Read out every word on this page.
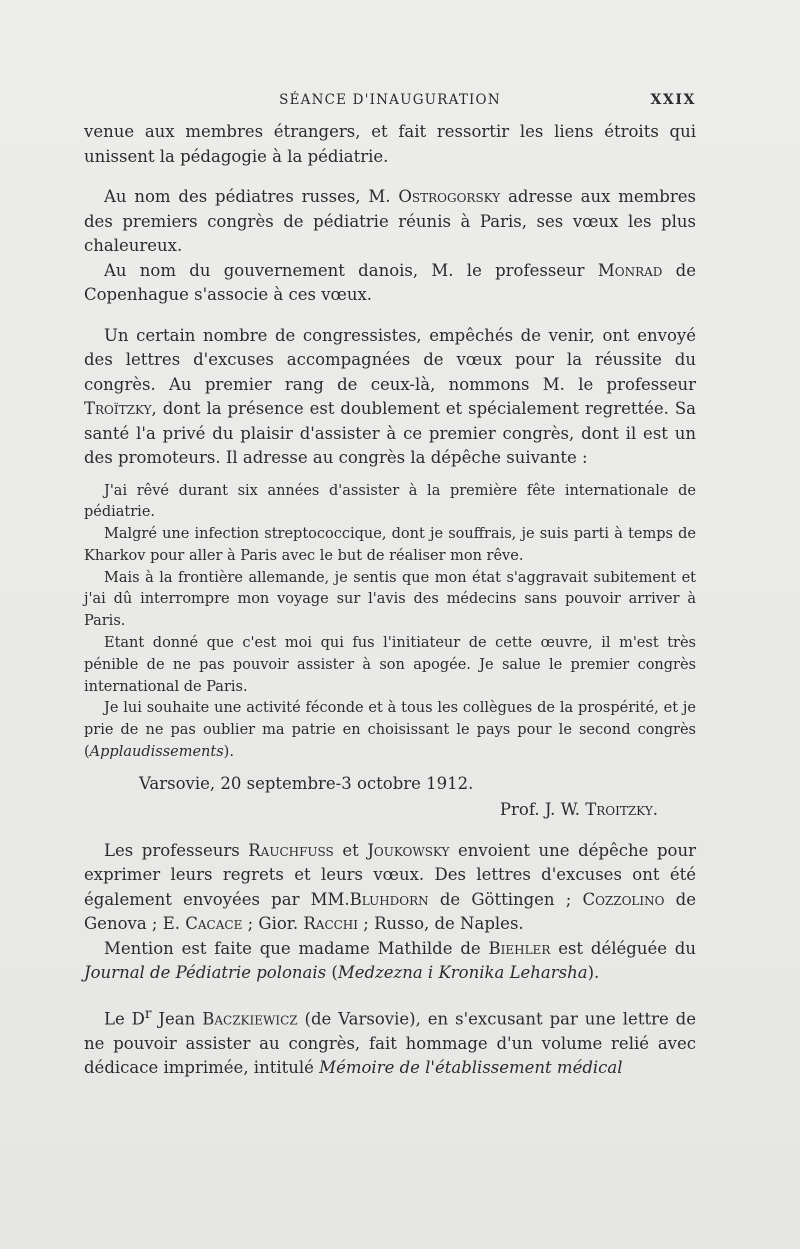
SÉANCE D'INAUGURATION	XXIX

venue aux membres étrangers, et fait ressortir les liens étroits qui unissent la pédagogie à la pédiatrie.

Au nom des pédiatres russes, M. Ostrogorsky adresse aux membres des premiers congrès de pédiatrie réunis à Paris, ses vœux les plus chaleureux.

Au nom du gouvernement danois, M. le professeur Monrad de Copenhague s'associe à ces vœux.

Un certain nombre de congressistes, empêchés de venir, ont envoyé des lettres d'excuses accompagnées de vœux pour la réussite du congrès. Au premier rang de ceux-là, nommons M. le professeur Troïtzky, dont la présence est doublement et spécialement regrettée. Sa santé l'a privé du plaisir d'assister à ce premier congrès, dont il est un des promoteurs. Il adresse au congrès la dépêche suivante :

J'ai rêvé durant six années d'assister à la première fête internationale de pédiatrie.

Malgré une infection streptococcique, dont je souffrais, je suis parti à temps de Kharkov pour aller à Paris avec le but de réaliser mon rêve.

Mais à la frontière allemande, je sentis que mon état s'aggravait subitement et j'ai dû interrompre mon voyage sur l'avis des médecins sans pouvoir arriver à Paris.

Etant donné que c'est moi qui fus l'initiateur de cette œuvre, il m'est très pénible de ne pas pouvoir assister à son apogée. Je salue le premier congrès international de Paris.

Je lui souhaite une activité féconde et à tous les collègues de la prospérité, et je prie de ne pas oublier ma patrie en choisissant le pays pour le second congrès (Applaudissements).

Varsovie, 20 septembre-3 octobre 1912.

Prof. J. W. Troitzky.

Les professeurs Rauchfuss et Joukowsky envoient une dépêche pour exprimer leurs regrets et leurs vœux. Des lettres d'excuses ont été également envoyées par MM.Bluhdorn de Göttingen ; Cozzolino de Genova ; E. Cacace ; Gior. Racchi ; Russo, de Naples.

Mention est faite que madame Mathilde de Biehler est déléguée du Journal de Pédiatrie polonais (Medzezna i Kronika Leharsha).

Le $D^r$ Jean Baczkiewicz (de Varsovie), en s'excusant par une lettre de ne pouvoir assister au congrès, fait hommage d'un volume relié avec dédicace imprimée, intitulé Mémoire de l'établissement médical
